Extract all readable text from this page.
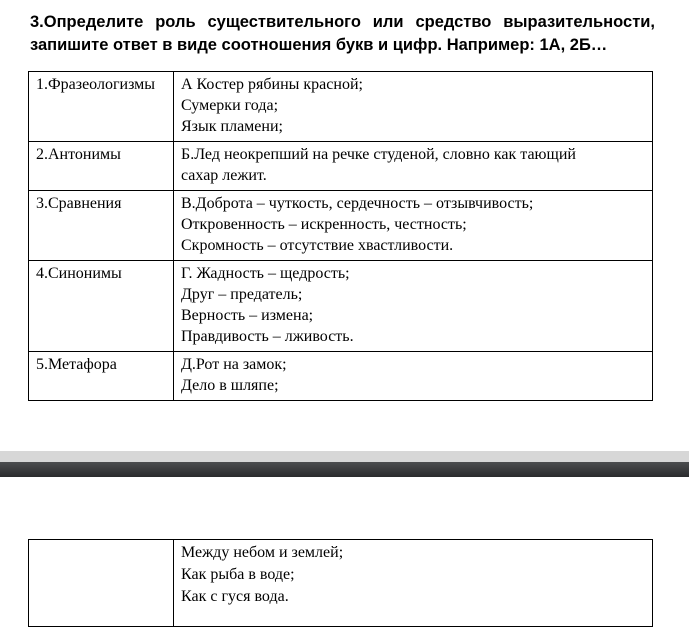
3.Определите роль существительного или средство выразительности,
запишите ответ в виде соотношения букв и цифр. Например: 1А, 2Б…
1.Фразеологизмы	А Костер рябины красной;
Сумерки года;
Язык пламени;

2.Антонимы	Б.Лед неокрепший на речке студеной, словно как тающий
сахар лежит.

3.Сравнения	В.Доброта – чуткость, сердечность – отзывчивость;
Откровенность – искренность, честность;
Скромность – отсутствие хвастливости.

4.Синонимы	Г. Жадность – щедрость;
Друг – предатель;
Верность – измена;
Правдивость – лживость.

5.Метафора	Д.Рот на замок;
Дело в шляпе;

Между небом и землей;
Как рыба в воде;
Как с гуся вода.
